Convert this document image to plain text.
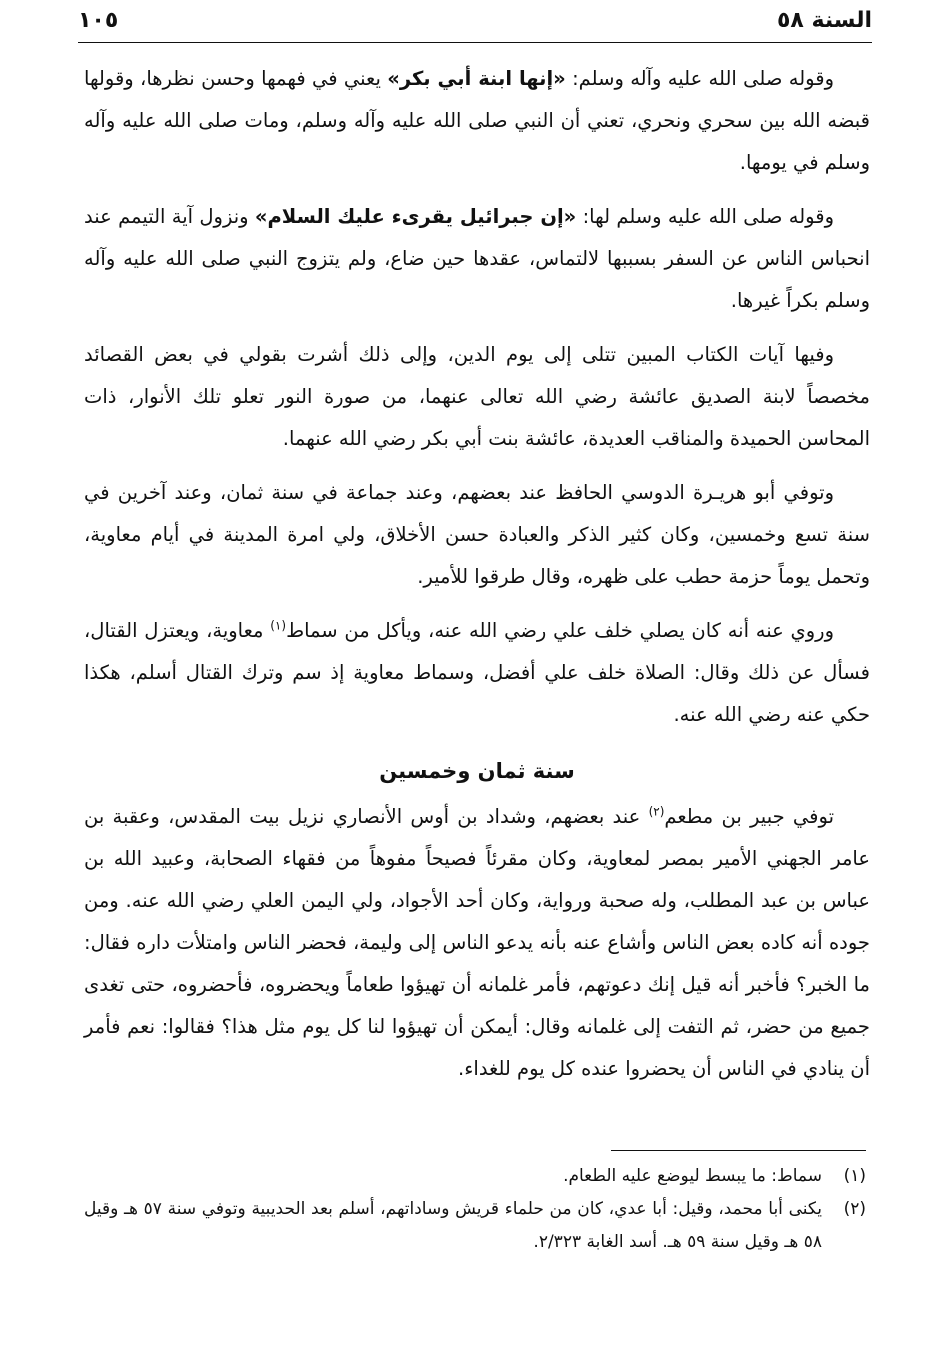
السنة ٥٨
١٠٥

وقوله صلى الله عليه وآله وسلم: «إنها ابنة أبي بكر» يعني في فهمها وحسن نظرها، وقولها قبضه الله بين سحري ونحري، تعني أن النبي صلى الله عليه وآله وسلم، ومات صلى الله عليه وآله وسلم في يومها.

وقوله صلى الله عليه وسلم لها: «إن جبرائيل يقرىء عليك السلام» ونزول آية التيمم عند انحباس الناس عن السفر بسببها لالتماس، عقدها حين ضاع، ولم يتزوج النبي صلى الله عليه وآله وسلم بكراً غيرها.

وفيها آيات الكتاب المبين تتلى إلى يوم الدين، وإلى ذلك أشرت بقولي في بعض القصائد مخصصاً لابنة الصديق عائشة رضي الله تعالى عنهما، من صورة النور تعلو تلك الأنوار، ذات المحاسن الحميدة والمناقب العديدة، عائشة بنت أبي بكر رضي الله عنهما.

وتوفي أبو هريـرة الدوسي الحافظ عند بعضهم، وعند جماعة في سنة ثمان، وعند آخرين في سنة تسع وخمسين، وكان كثير الذكر والعبادة حسن الأخلاق، ولي امرة المدينة في أيام معاوية، وتحمل يوماً حزمة حطب على ظهره، وقال طرقوا للأمير.

وروي عنه أنه كان يصلي خلف علي رضي الله عنه، ويأكل من سماط$^{(١)}$ معاوية، ويعتزل القتال، فسأل عن ذلك وقال: الصلاة خلف علي أفضل، وسماط معاوية إذ سم وترك القتال أسلم، هكذا حكي عنه رضي الله عنه.

سنة ثمان وخمسين

توفي جبير بن مطعم$^{(٢)}$ عند بعضهم، وشداد بن أوس الأنصاري نزيل بيت المقدس، وعقبة بن عامر الجهني الأمير بمصر لمعاوية، وكان مقرئاً فصيحاً مفوهاً من فقهاء الصحابة، وعبيد الله بن عباس بن عبد المطلب، وله صحبة ورواية، وكان أحد الأجواد، ولي اليمن العلي رضي الله عنه. ومن جوده أنه كاده بعض الناس وأشاع عنه بأنه يدعو الناس إلى وليمة، فحضر الناس وامتلأت داره فقال: ما الخبر؟ فأخبر أنه قيل إنك دعوتهم، فأمر غلمانه أن تهيؤوا طعاماً ويحضروه، فأحضروه، حتى تغدى جميع من حضر، ثم التفت إلى غلمانه وقال: أيمكن أن تهيؤوا لنا كل يوم مثل هذا؟ فقالوا: نعم فأمر أن ينادي في الناس أن يحضروا عنده كل يوم للغداء.

(١)
سماط: ما يبسط ليوضع عليه الطعام.
(٢)
يكنى أبا محمد، وقيل: أبا عدي، كان من حلماء قريش وساداتهم، أسلم بعد الحديبية وتوفي سنة ٥٧ هـ وقيل ٥٨ هـ وقيل سنة ٥٩ هـ. أسد الغابة ٢/٣٢٣.
